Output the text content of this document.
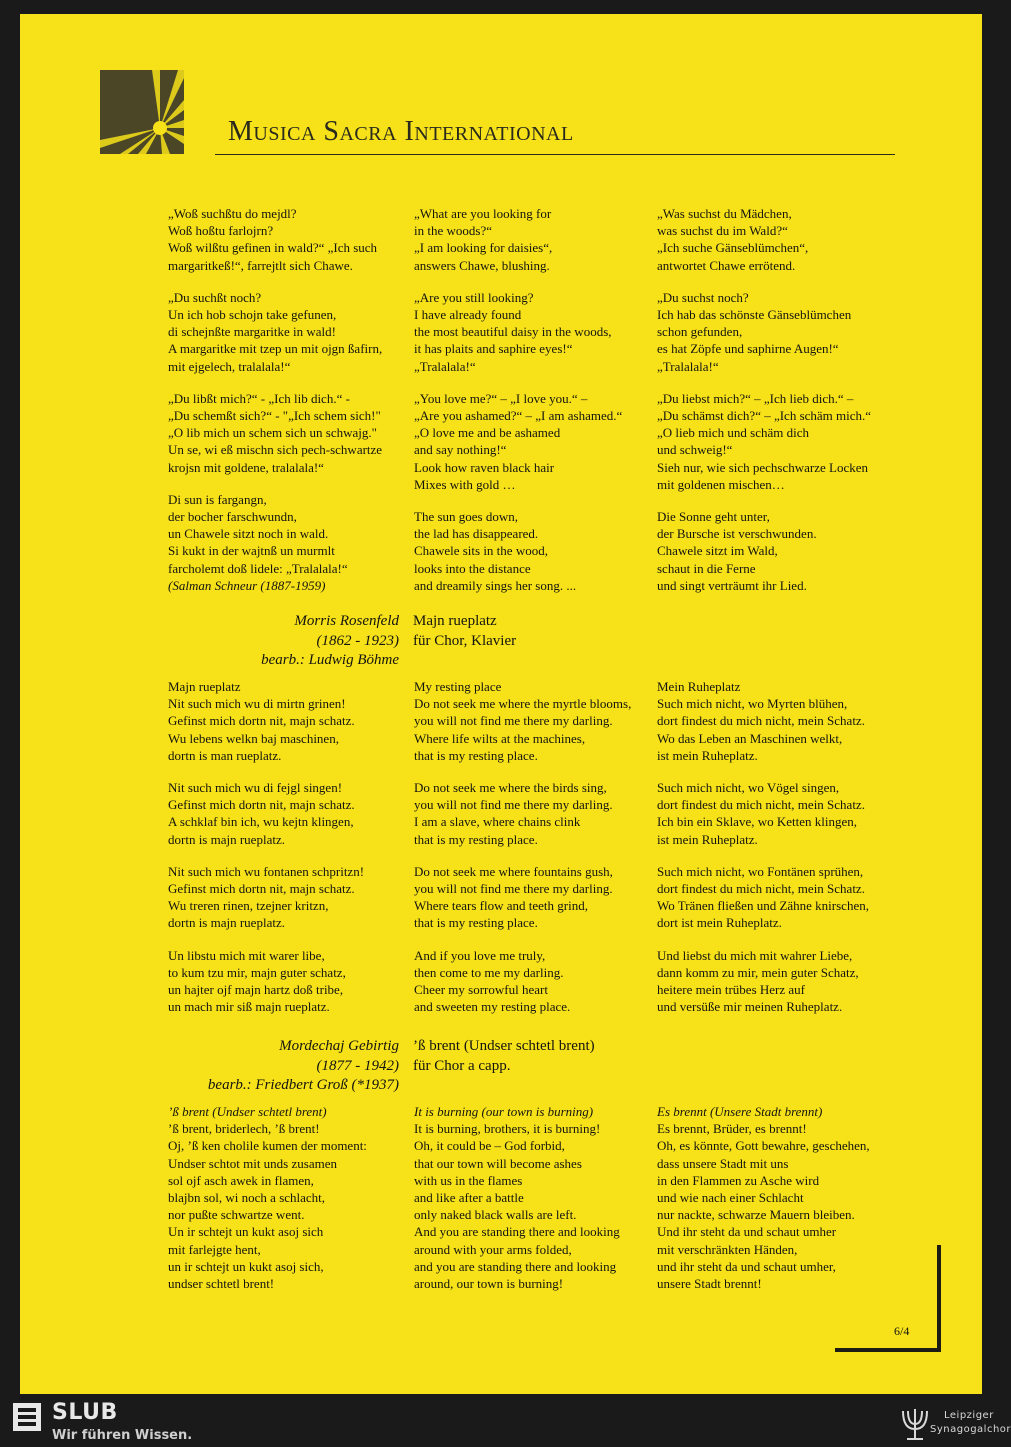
Musica Sacra International
„Woß suchßtu do mejdl?
Woß hoßtu farlojrn?
Woß wilßtu gefinen in wald?“ „Ich such
margaritkeß!“, farrejtlt sich Chawe.
„Du suchßt noch?
Un ich hob schojn take gefunen,
di schejnßte margaritke in wald!
A margaritke mit tzep un mit ojgn ßafirn,
mit ejgelech, tralalala!“
„Du libßt mich?“ - „Ich lib dich.“ -
„Du schemßt sich?“ - "„Ich schem sich!"
„O lib mich un schem sich un schwajg."
Un se, wi eß mischn sich pech-schwartze
krojsn mit goldene, tralalala!“
Di sun is fargangn,
der bocher farschwundn,
un Chawele sitzt noch in wald.
Si kukt in der wajtnß un murmlt
farcholemt doß lidele: „Tralalala!“
(Salman Schneur (1887-1959)
„What are you looking for
in the woods?“
„I am looking for daisies“,
answers Chawe, blushing.
„Are you still looking?
I have already found
the most beautiful daisy in the woods,
it has plaits and saphire eyes!“
„Tralalala!“
„You love me?“ – „I love you.“ –
„Are you ashamed?“ – „I am ashamed.“
„O love me and be ashamed
and say nothing!“
Look how raven black hair
Mixes with gold …
The sun goes down,
the lad has disappeared.
Chawele sits in the wood,
looks into the distance
and dreamily sings her song. ...
„Was suchst du Mädchen,
was suchst du im Wald?“
„Ich suche Gänseblümchen“,
antwortet Chawe errötend.
„Du suchst noch?
Ich hab das schönste Gänseblümchen
schon gefunden,
es hat Zöpfe und saphirne Augen!“
„Tralalala!“
„Du liebst mich?“ – „Ich lieb dich.“ –
„Du schämst dich?“ – „Ich schäm mich.“
„O lieb mich und schäm dich
und schweig!“
Sieh nur, wie sich pechschwarze Locken
mit goldenen mischen…
Die Sonne geht unter,
der Bursche ist verschwunden.
Chawele sitzt im Wald,
schaut in die Ferne
und singt verträumt ihr Lied.
Morris Rosenfeld
(1862 - 1923)
bearb.: Ludwig Böhme
Majn rueplatz
für Chor, Klavier
Majn rueplatz
Nit such mich wu di mirtn grinen!
Gefinst mich dortn nit, majn schatz.
Wu lebens welkn baj maschinen,
dortn is man rueplatz.
Nit such mich wu di fejgl singen!
Gefinst mich dortn nit, majn schatz.
A schklaf bin ich, wu kejtn klingen,
dortn is majn rueplatz.
Nit such mich wu fontanen schpritzn!
Gefinst mich dortn nit, majn schatz.
Wu treren rinen, tzejner kritzn,
dortn is majn rueplatz.
Un libstu mich mit warer libe,
to kum tzu mir, majn guter schatz,
un hajter ojf majn hartz doß tribe,
un mach mir siß majn rueplatz.
My resting place
Do not seek me where the myrtle blooms,
you will not find me there my darling.
Where life wilts at the machines,
that is my resting place.
Do not seek me where the birds sing,
you will not find me there my darling.
I am a slave, where chains clink
that is my resting place.
Do not seek me where fountains gush,
you will not find me there my darling.
Where tears flow and teeth grind,
that is my resting place.
And if you love me truly,
then come to me my darling.
Cheer my sorrowful heart
and sweeten my resting place.
Mein Ruheplatz
Such mich nicht, wo Myrten blühen,
dort findest du mich nicht, mein Schatz.
Wo das Leben an Maschinen welkt,
ist mein Ruheplatz.
Such mich nicht, wo Vögel singen,
dort findest du mich nicht, mein Schatz.
Ich bin ein Sklave, wo Ketten klingen,
ist mein Ruheplatz.
Such mich nicht, wo Fontänen sprühen,
dort findest du mich nicht, mein Schatz.
Wo Tränen fließen und Zähne knirschen,
dort ist mein Ruheplatz.
Und liebst du mich mit wahrer Liebe,
dann komm zu mir, mein guter Schatz,
heitere mein trübes Herz auf
und versüße mir meinen Ruheplatz.
Mordechaj Gebirtig
(1877 - 1942)
bearb.: Friedbert Groß (*1937)
’ß brent (Undser schtetl brent)
für Chor a capp.
’ß brent (Undser schtetl brent)
’ß brent, briderlech, ’ß brent!
Oj, ’ß ken cholile kumen der moment:
Undser schtot mit unds zusamen
sol ojf asch awek in flamen,
blajbn sol, wi noch a schlacht,
nor pußte schwartze went.
Un ir schtejt un kukt asoj sich
mit farlejgte hent,
un ir schtejt un kukt asoj sich,
undser schtetl brent!
It is burning (our town is burning)
It is burning, brothers, it is burning!
Oh, it could be – God forbid,
that our town will become ashes
with us in the flames
and like after a battle
only naked black walls are left.
And you are standing there and looking
around with your arms folded,
and you are standing there and looking
around, our town is burning!
Es brennt (Unsere Stadt brennt)
Es brennt, Brüder, es brennt!
Oh, es könnte, Gott bewahre, geschehen,
dass unsere Stadt mit uns
in den Flammen zu Asche wird
und wie nach einer Schlacht
nur nackte, schwarze Mauern bleiben.
Und ihr steht da und schaut umher
mit verschränkten Händen,
und ihr steht da und schaut umher,
unsere Stadt brennt!
6/4
SLUB
Wir führen Wissen.
Leipziger
Synagogalchor
